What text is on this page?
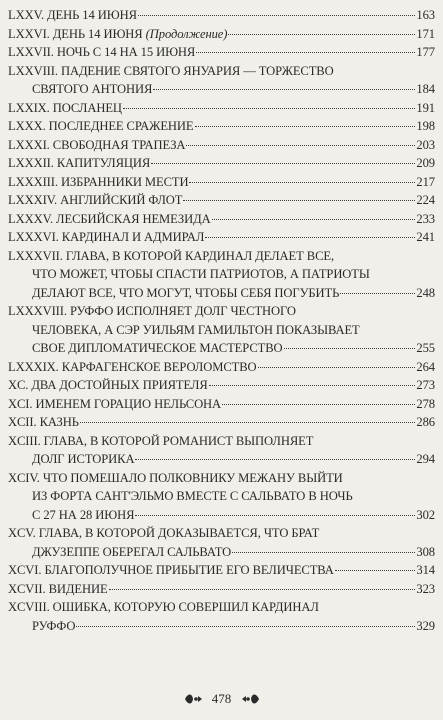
LXXV. ДЕНЬ 14 ИЮНЯ	163
LXXVI. ДЕНЬ 14 ИЮНЯ (Продолжение)	171
LXXVII. НОЧЬ С 14 НА 15 ИЮНЯ	177
LXXVIII. ПАДЕНИЕ СВЯТОГО ЯНУАРИЯ — ТОРЖЕСТВО
СВЯТОГО АНТОНИЯ	184
LXXIX. ПОСЛАНЕЦ	191
LXXX. ПОСЛЕДНЕЕ СРАЖЕНИЕ	198
LXXXI. СВОБОДНАЯ ТРАПЕЗА	203
LXXXII. КАПИТУЛЯЦИЯ	209
LXXXIII. ИЗБРАННИКИ МЕСТИ	217
LXXXIV. АНГЛИЙСКИЙ ФЛОТ	224
LXXXV. ЛЕСБИЙСКАЯ НЕМЕЗИДА	233
LXXXVI. КАРДИНАЛ И АДМИРАЛ	241
LXXXVII. ГЛАВА, В КОТОРОЙ КАРДИНАЛ ДЕЛАЕТ ВСЕ,
ЧТО МОЖЕТ, ЧТОБЫ СПАСТИ ПАТРИОТОВ, А ПАТРИОТЫ
ДЕЛАЮТ ВСЕ, ЧТО МОГУТ, ЧТОБЫ СЕБЯ ПОГУБИТЬ	248
LXXXVIII. РУФФО ИСПОЛНЯЕТ ДОЛГ ЧЕСТНОГО
ЧЕЛОВЕКА, А СЭР УИЛЬЯМ ГАМИЛЬТОН ПОКАЗЫВАЕТ
СВОЕ ДИПЛОМАТИЧЕСКОЕ МАСТЕРСТВО	255
LXXXIX. КАРФАГЕНСКОЕ ВЕРОЛОМСТВО	264
XC. ДВА ДОСТОЙНЫХ ПРИЯТЕЛЯ	273
XCI. ИМЕНЕМ ГОРАЦИО НЕЛЬСОНА	278
XCII. КАЗНЬ	286
XCIII. ГЛАВА, В КОТОРОЙ РОМАНИСТ ВЫПОЛНЯЕТ
ДОЛГ ИСТОРИКА	294
XCIV. ЧТО ПОМЕШАЛО ПОЛКОВНИКУ МЕЖАНУ ВЫЙТИ
ИЗ ФОРТА САНТ'ЭЛЬМО ВМЕСТЕ С САЛЬВАТО В НОЧЬ
С 27 НА 28 ИЮНЯ	302
XCV. ГЛАВА, В КОТОРОЙ ДОКАЗЫВАЕТСЯ, ЧТО БРАТ
ДЖУЗЕППЕ ОБЕРЕГАЛ САЛЬВАТО	308
XCVI. БЛАГОПОЛУЧНОЕ ПРИБЫТИЕ ЕГО ВЕЛИЧЕСТВА	314
XCVII. ВИДЕНИЕ	323
XCVIII. ОШИБКА, КОТОРУЮ СОВЕРШИЛ КАРДИНАЛ
РУФФО	329
478
